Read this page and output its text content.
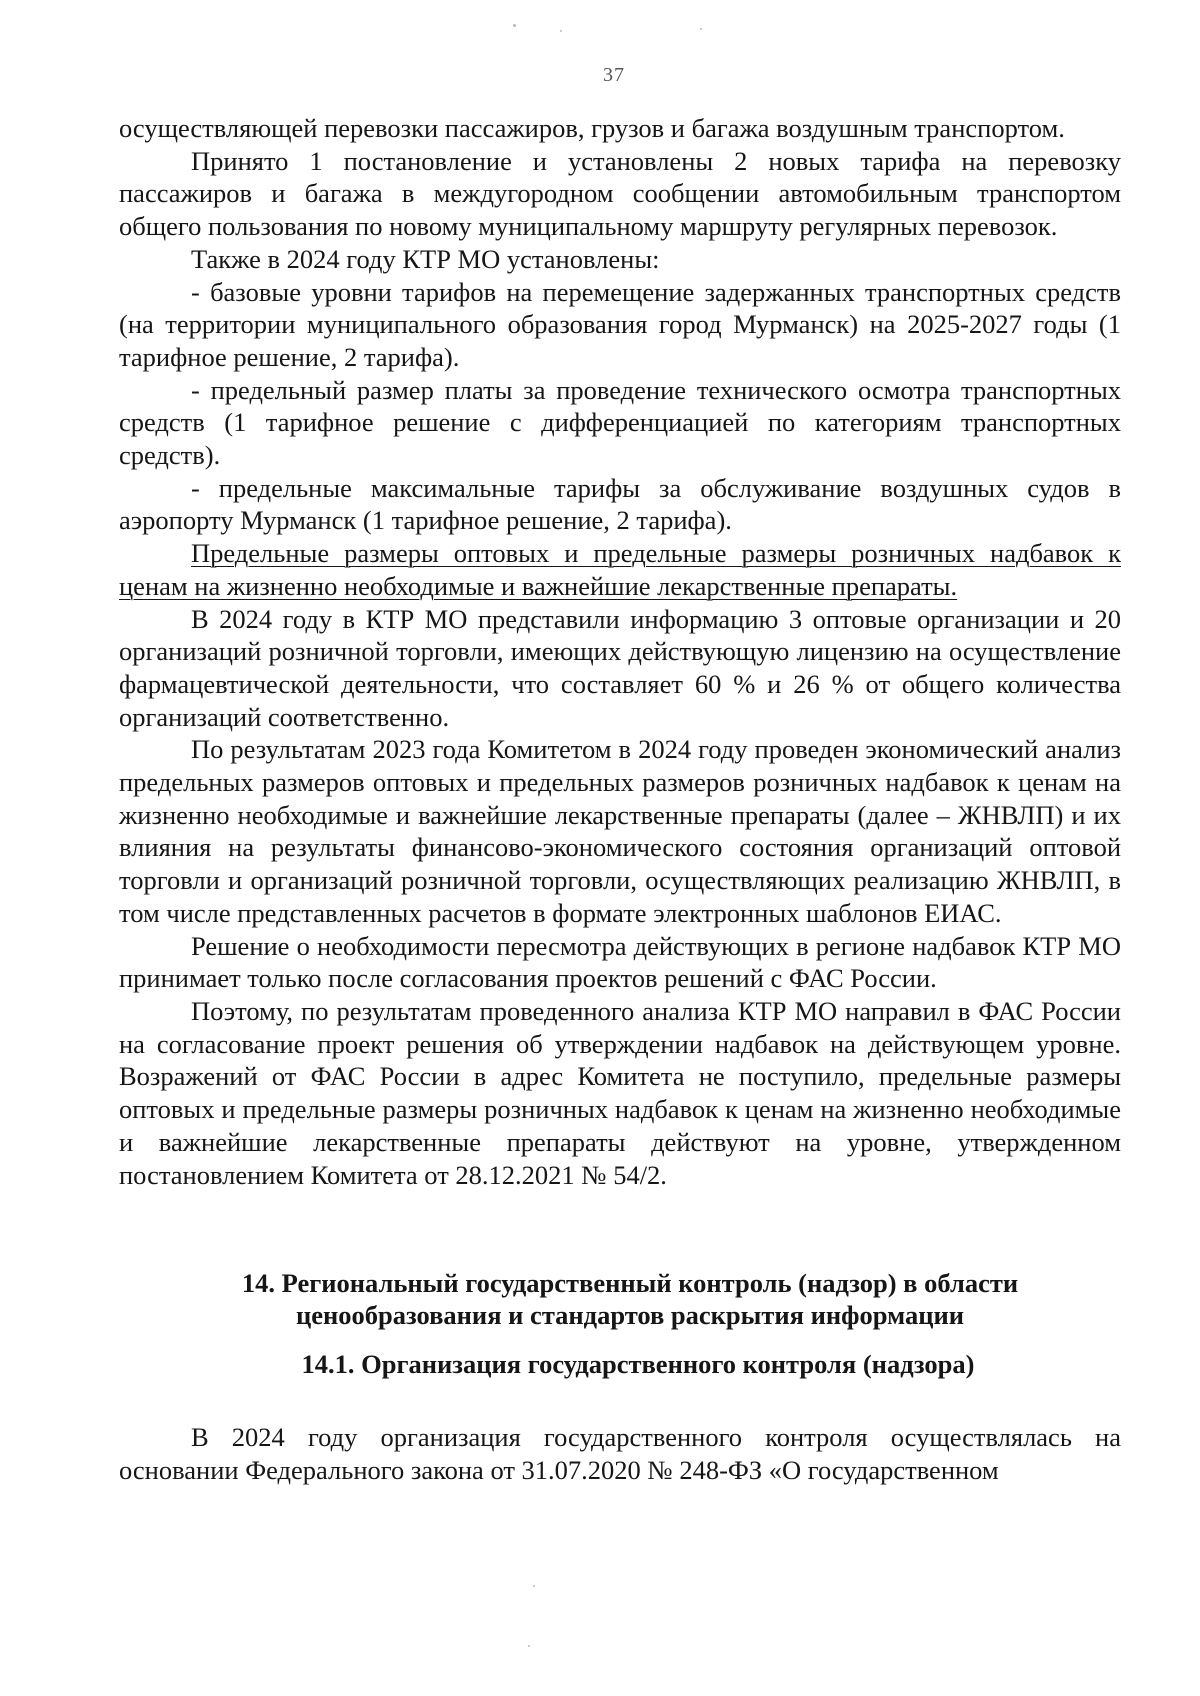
37

осуществляющей перевозки пассажиров, грузов и багажа воздушным транспортом.

Принято 1 постановление и установлены 2 новых тарифа на перевозку пассажиров и багажа в междугородном сообщении автомобильным транспортом общего пользования по новому муниципальному маршруту регулярных перевозок.

Также в 2024 году КТР МО установлены:

- базовые уровни тарифов на перемещение задержанных транспортных средств (на территории муниципального образования город Мурманск) на 2025-2027 годы (1 тарифное решение, 2 тарифа).

- предельный размер платы за проведение технического осмотра транспортных средств (1 тарифное решение с дифференциацией по категориям транспортных средств).

- предельные максимальные тарифы за обслуживание воздушных судов в аэропорту Мурманск (1 тарифное решение, 2 тарифа).

Предельные размеры оптовых и предельные размеры розничных надбавок к ценам на жизненно необходимые и важнейшие лекарственные препараты.

В 2024 году в КТР МО представили информацию 3 оптовые организации и 20 организаций розничной торговли, имеющих действующую лицензию на осуществление фармацевтической деятельности, что составляет 60 % и 26 % от общего количества организаций соответственно.

По результатам 2023 года Комитетом в 2024 году проведен экономический анализ предельных размеров оптовых и предельных размеров розничных надбавок к ценам на жизненно необходимые и важнейшие лекарственные препараты (далее – ЖНВЛП) и их влияния на результаты финансово-экономического состояния организаций оптовой торговли и организаций розничной торговли, осуществляющих реализацию ЖНВЛП, в том числе представленных расчетов в формате электронных шаблонов ЕИАС.

Решение о необходимости пересмотра действующих в регионе надбавок КТР МО принимает только после согласования проектов решений с ФАС России.

Поэтому, по результатам проведенного анализа КТР МО направил в ФАС России на согласование проект решения об утверждении надбавок на действующем уровне. Возражений от ФАС России в адрес Комитета не поступило, предельные размеры оптовых и предельные размеры розничных надбавок к ценам на жизненно необходимые и важнейшие лекарственные препараты действуют на уровне, утвержденном постановлением Комитета от 28.12.2021 № 54/2.

14. Региональный государственный контроль (надзор) в области
ценообразования и стандартов раскрытия информации
14.1. Организация государственного контроля (надзора)

В 2024 году организация государственного контроля осуществлялась на основании Федерального закона от 31.07.2020 № 248-ФЗ «О государственном
